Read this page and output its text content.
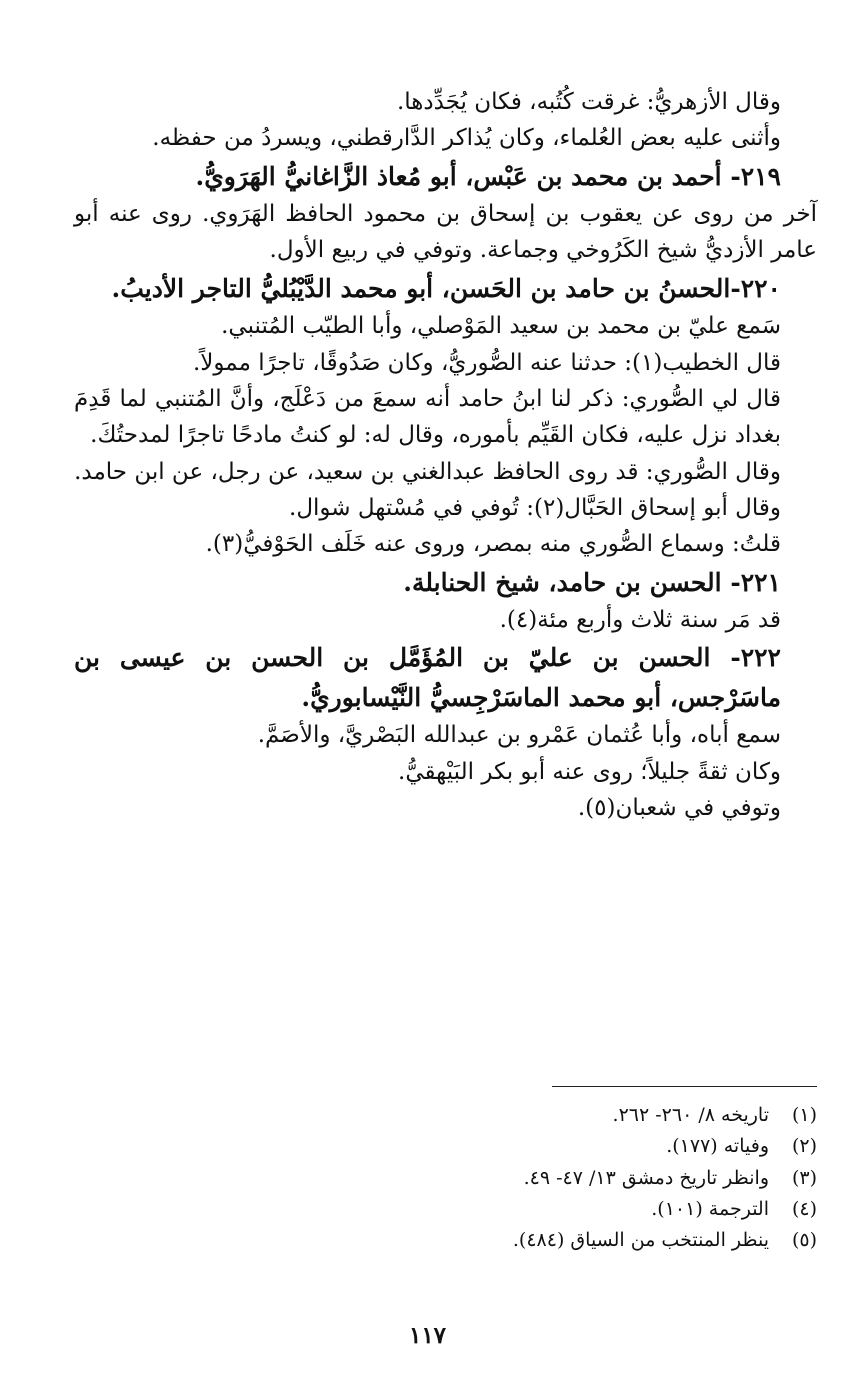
وقال الأزهريُّ: غرقت كُتُبه، فكان يُجَدِّدها.
وأثنى عليه بعض العُلماء، وكان يُذاكر الدَّارقطني، ويسردُ من حفظه.
٢١٩- أحمد بن محمد بن عَبْس، أبو مُعاذ الزَّاغانيُّ الهَرَويُّ.
آخر من روى عن يعقوب بن إسحاق بن محمود الحافظ الهَرَوي. روى عنه أبو عامر الأزديُّ شيخ الكَرُوخي وجماعة. وتوفي في ربيع الأول.
٢٢٠-الحسنُ بن حامد بن الحَسن، أبو محمد الدَّيْبُليُّ التاجر الأديبُ.
سَمع عليّ بن محمد بن سعيد المَوْصلي، وأبا الطيّب المُتنبي.
قال الخطيب(١): حدثنا عنه الصُّوريُّ، وكان صَدُوقًا، تاجرًا ممولاً.
قال لي الصُّوري: ذكر لنا ابنُ حامد أنه سمعَ من دَعْلَج، وأنَّ المُتنبي لما قَدِمَ بغداد نزل عليه، فكان القَيِّم بأموره، وقال له: لو كنتُ مادحًا تاجرًا لمدحتُكَ.
وقال الصُّوري: قد روى الحافظ عبدالغني بن سعيد، عن رجل، عن ابن حامد.
وقال أبو إسحاق الحَبَّال(٢): تُوفي في مُسْتهل شوال.
قلتُ: وسماع الصُّوري منه بمصر، وروى عنه خَلَف الحَوْفيُّ(٣).
٢٢١- الحسن بن حامد، شيخ الحنابلة.
قد مَر سنة ثلاث وأربع مئة(٤).
٢٢٢- الحسن بن عليّ بن المُؤَمَّل بن الحسن بن عيسى بن ماسَرْجس، أبو محمد الماسَرْجِسيُّ النَّيْسابوريُّ.
سمع أباه، وأبا عُثمان عَمْرو بن عبدالله البَصْريَّ، والأصَمَّ.
وكان ثقةً جليلاً؛ روى عنه أبو بكر البَيْهقيُّ.
وتوفي في شعبان(٥).
(١)
تاريخه ٨/ ٢٦٠- ٢٦٢.
(٢)
وفياته (١٧٧).
(٣)
وانظر تاريخ دمشق ١٣/ ٤٧- ٤٩.
(٤)
الترجمة (١٠١).
(٥)
ينظر المنتخب من السياق (٤٨٤).
١١٧
